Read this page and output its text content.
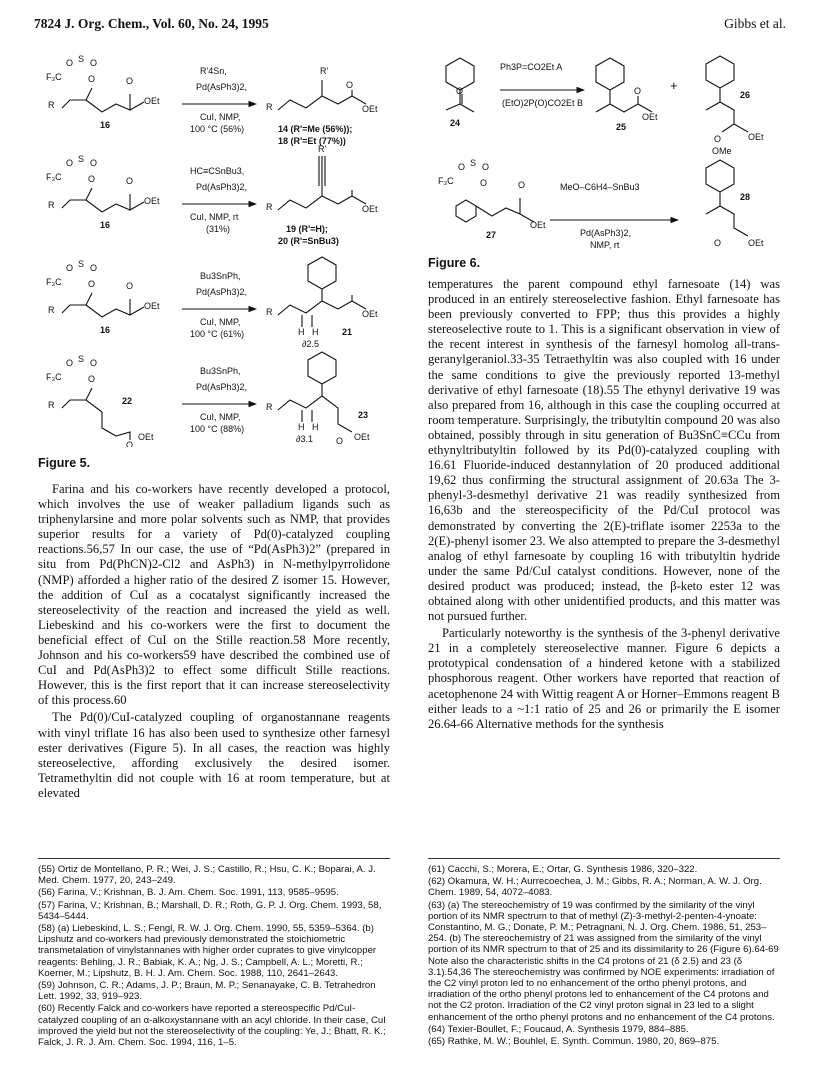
7824 J. Org. Chem., Vol. 60, No. 24, 1995	Gibbs et al.
O S O
F₃C	O	O
R	OEt
16
R'4Sn,
Pd(AsPh3)2,
CuI, NMP,
100 °C (56%)
R'
O
R	OEt
14 (R'=Me (56%));
18 (R'=Et (77%))
O S O
F₃C	O	O
R	OEt
16
HC≡CSnBu3,
Pd(AsPh3)2,
CuI, NMP, rt
(31%)
R'
R	OEt
19 (R'=H);
20 (R'=SnBu3)
O S O
F₃C	O	O
R	OEt
16
Bu3SnPh,
Pd(AsPh3)2,
CuI, NMP,
100 °C (61%)
R	OEt
H H	21
∂2.5
O S O
F₃C	O
R
O
OEt
22
Bu3SnPh,
Pd(AsPh3)2,
CuI, NMP,
100 °C (88%)
R
O OEt
H H
23
∂3.1
Figure 5.
O
24
Ph3P=CO2Et A
(EtO)2P(O)CO2Et B
O
OEt
25
+
26
O	OEt
O S O
F₃C	O	O
OEt
27
MeO–C6H4–SnBu3
Pd(AsPh3)2,
NMP, rt
OMe
28
O	OEt
Figure 6.

Farina and his co-workers have recently developed a protocol, which involves the use of weaker palladium ligands such as triphenylarsine and more polar solvents such as NMP, that provides superior results for a variety of Pd(0)-catalyzed coupling reactions.56,57 In our case, the use of “Pd(AsPh3)2” (prepared in situ from Pd(PhCN)2-Cl2 and AsPh3) in N-methylpyrrolidone (NMP) afforded a higher ratio of the desired Z isomer 15. However, the addition of CuI as a cocatalyst significantly increased the stereoselectivity of the reaction and increased the yield as well. Liebeskind and his co-workers were the first to document the beneficial effect of CuI on the Stille reaction.58 More recently, Johnson and his co-workers59 have described the combined use of CuI and Pd(AsPh3)2 to effect some difficult Stille reactions. However, this is the first report that it can increase stereoselectivity of this process.60

The Pd(0)/CuI-catalyzed coupling of organostannane reagents with vinyl triflate 16 has also been used to synthesize other farnesyl ester derivatives (Figure 5). In all cases, the reaction was highly stereoselective, affording exclusively the desired isomer. Tetramethyltin did not couple with 16 at room temperature, but at elevated

temperatures the parent compound ethyl farnesoate (14) was produced in an entirely stereoselective fashion. Ethyl farnesoate has been previously converted to FPP; thus this provides a highly stereoselective route to 1. This is a significant observation in view of the recent interest in synthesis of the farnesyl homolog all-trans-geranylgeraniol.33-35 Tetraethyltin was also coupled with 16 under the same conditions to give the previously reported 13-methyl derivative of ethyl farnesoate (18).55 The ethynyl derivative 19 was also prepared from 16, although in this case the coupling occurred at room temperature. Surprisingly, the tributyltin compound 20 was also obtained, possibly through in situ generation of Bu3SnC≡CCu from ethynyltributyltin followed by its Pd(0)-catalyzed coupling with 16.61 Fluoride-induced destannylation of 20 produced additional 19,62 thus confirming the structural assignment of 20.63a The 3-phenyl-3-desmethyl derivative 21 was readily synthesized from 16,63b and the stereospecificity of the Pd/CuI protocol was demonstrated by converting the 2(E)-triflate isomer 2253a to the 2(E)-phenyl isomer 23. We also attempted to prepare the 3-desmethyl analog of ethyl farnesoate by coupling 16 with tributyltin hydride under the same Pd/CuI catalyst conditions. However, none of the desired product was produced; instead, the β-keto ester 12 was obtained along with other unidentified products, and this matter was not pursued further.

Particularly noteworthy is the synthesis of the 3-phenyl derivative 21 in a completely stereoselective manner. Figure 6 depicts a prototypical condensation of a hindered ketone with a stabilized phosphorous reagent. Other workers have reported that reaction of acetophenone 24 with Wittig reagent A or Horner–Emmons reagent B either leads to a ~1:1 ratio of 25 and 26 or primarily the E isomer 26.64-66 Alternative methods for the synthesis

(55) Ortiz de Montellano, P. R.; Wei, J. S.; Castillo, R.; Hsu, C. K.; Boparai, A. J. Med. Chem. 1977, 20, 243–249.
(56) Farina, V.; Krishnan, B. J. Am. Chem. Soc. 1991, 113, 9585–9595.
(57) Farina, V.; Krishnan, B.; Marshall, D. R.; Roth, G. P. J. Org. Chem. 1993, 58, 5434–5444.
(58) (a) Liebeskind, L. S.; Fengl, R. W. J. Org. Chem. 1990, 55, 5359–5364. (b) Lipshutz and co-workers had previously demonstrated the stoichiometric transmetalation of vinylstannanes with higher order cuprates to give vinylcopper reagents: Behling, J. R.; Babiak, K. A.; Ng, J. S.; Campbell, A. L.; Moretti, R.; Koerner, M.; Lipshutz, B. H. J. Am. Chem. Soc. 1988, 110, 2641–2643.
(59) Johnson, C. R.; Adams, J. P.; Braun, M. P.; Senanayake, C. B. Tetrahedron Lett. 1992, 33, 919–923.
(60) Recently Falck and co-workers have reported a stereospecific Pd/CuI-catalyzed coupling of an α-alkoxystannane with an acyl chloride. In their case, CuI improved the yield but not the stereoselectivity of the coupling: Ye, J.; Bhatt, R. K.; Falck, J. R. J. Am. Chem. Soc. 1994, 116, 1–5.
(61) Cacchi, S.; Morera, E.; Ortar, G. Synthesis 1986, 320–322.
(62) Okamura, W. H.; Aurrecoechea, J. M.; Gibbs, R. A.; Norman, A. W. J. Org. Chem. 1989, 54, 4072–4083.
(63) (a) The stereochemistry of 19 was confirmed by the similarity of the vinyl portion of its NMR spectrum to that of methyl (Z)-3-methyl-2-penten-4-ynoate: Constantino, M. G.; Donate, P. M.; Petragnani, N. J. Org. Chem. 1986, 51, 253–254. (b) The stereochemistry of 21 was assigned from the similarity of the vinyl portion of its NMR spectrum to that of 25 and its dissimilarity to 26 (Figure 6).64-69 Note also the characteristic shifts in the C4 protons of 21 (δ 2.5) and 23 (δ 3.1).54,36 The stereochemistry was confirmed by NOE experiments: irradiation of the C2 vinyl proton led to no enhancement of the ortho phenyl protons, and irradiation of the ortho phenyl protons led to enhancement of the C4 protons and not the C2 proton. Irradiation of the C2 vinyl proton signal in 23 led to a slight enhancement of the ortho phenyl protons and no enhancement of the C4 protons.
(64) Texier-Boullet, F.; Foucaud, A. Synthesis 1979, 884–885.
(65) Rathke, M. W.; Bouhlel, E. Synth. Commun. 1980, 20, 869–875.
